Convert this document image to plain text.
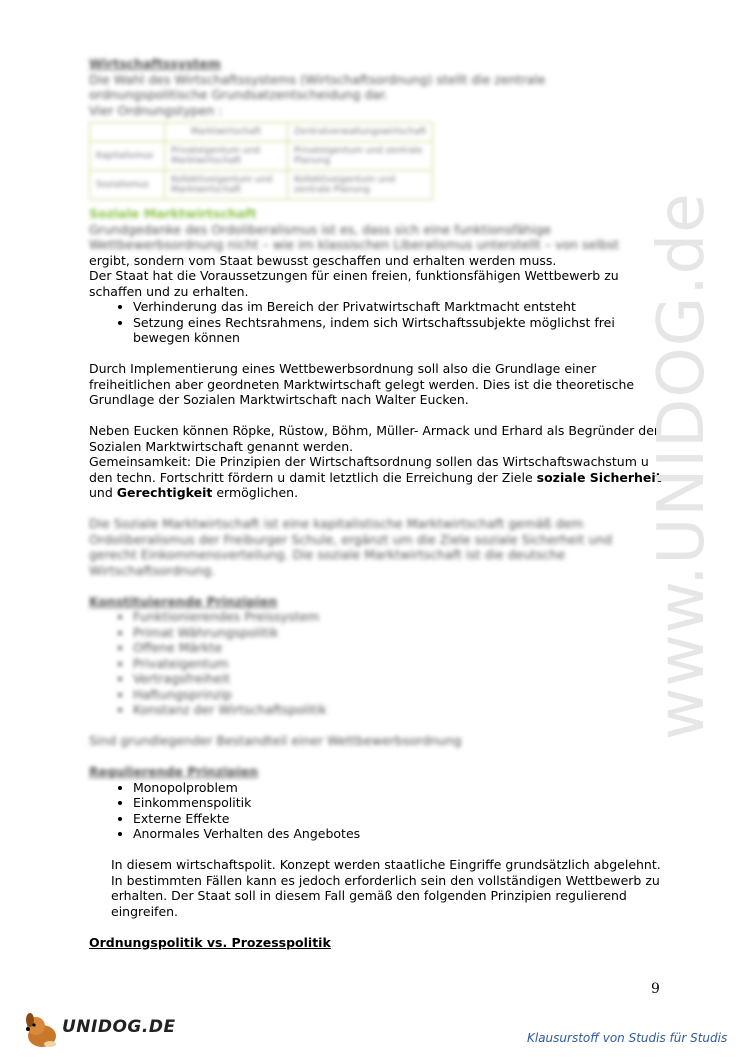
Wirtschaftssystem

Die Wahl des Wirtschaftssystems (Wirtschaftsordnung) stellt die zentrale

ordnungspolitische Grundsatzentscheidung dar.

Vier Ordnungstypen :

	Marktwirtschaft	Zentralverwaltungswirtschaft
Kapitalismus	Privateigentum und Marktwirtschaft	Privateigentum und zentrale Planung
Sozialismus	Kollektiveigentum und Marktwirtschaft	Kollektiveigentum und zentrale Planung

Soziale Marktwirtschaft

Grundgedanke des Ordoliberalismus ist es, dass sich eine funktionsfähige

Wettbewerbsordnung nicht – wie im klassischen Liberalismus unterstellt – von selbst

ergibt, sondern vom Staat bewusst geschaffen und erhalten werden muss.

Der Staat hat die Voraussetzungen für einen freien, funktionsfähigen Wettbewerb zu schaffen und zu erhalten.

• Verhinderung das im Bereich der Privatwirtschaft Marktmacht entsteht
• Setzung eines Rechtsrahmens, indem sich Wirtschaftssubjekte möglichst frei bewegen können

Durch Implementierung eines Wettbewerbsordnung soll also die Grundlage einer freiheitlichen aber geordneten Marktwirtschaft gelegt werden. Dies ist die theoretische Grundlage der Sozialen Marktwirtschaft nach Walter Eucken.

Neben Eucken können Röpke, Rüstow, Böhm, Müller- Armack und Erhard als Begründer der Sozialen Marktwirtschaft genannt werden.

Gemeinsamkeit: Die Prinzipien der Wirtschaftsordnung sollen das Wirtschaftswachstum u den techn. Fortschritt fördern u damit letztlich die Erreichung der Ziele soziale Sicherheit und Gerechtigkeit ermöglichen.

Die Soziale Marktwirtschaft ist eine kapitalistische Marktwirtschaft gemäß dem Ordoliberalismus der Freiburger Schule, ergänzt um die Ziele soziale Sicherheit und gerecht Einkommensverteilung. Die soziale Marktwirtschaft ist die deutsche Wirtschaftsordnung.

Konstituierende Prinzipien

• Funktionierendes Preissystem
• Primat Währungspolitik
• Offene Märkte
• Privateigentum
• Vertragsfreiheit
• Haftungsprinzip
• Konstanz der Wirtschaftspolitik

Sind grundlegender Bestandteil einer Wettbewerbsordnung

Regulierende Prinzipien

• Monopolproblem
• Einkommenspolitik
• Externe Effekte
• Anormales Verhalten des Angebotes

In diesem wirtschaftspolit. Konzept werden staatliche Eingriffe grundsätzlich abgelehnt. In bestimmten Fällen kann es jedoch erforderlich sein den vollständigen Wettbewerb zu erhalten. Der Staat soll in diesem Fall gemäß den folgenden Prinzipien regulierend eingreifen.

Ordnungspolitik vs. Prozesspolitik

www.UNIDOG.de
9
UNIDOG.DE
Klausurstoff von Studis für Studis
